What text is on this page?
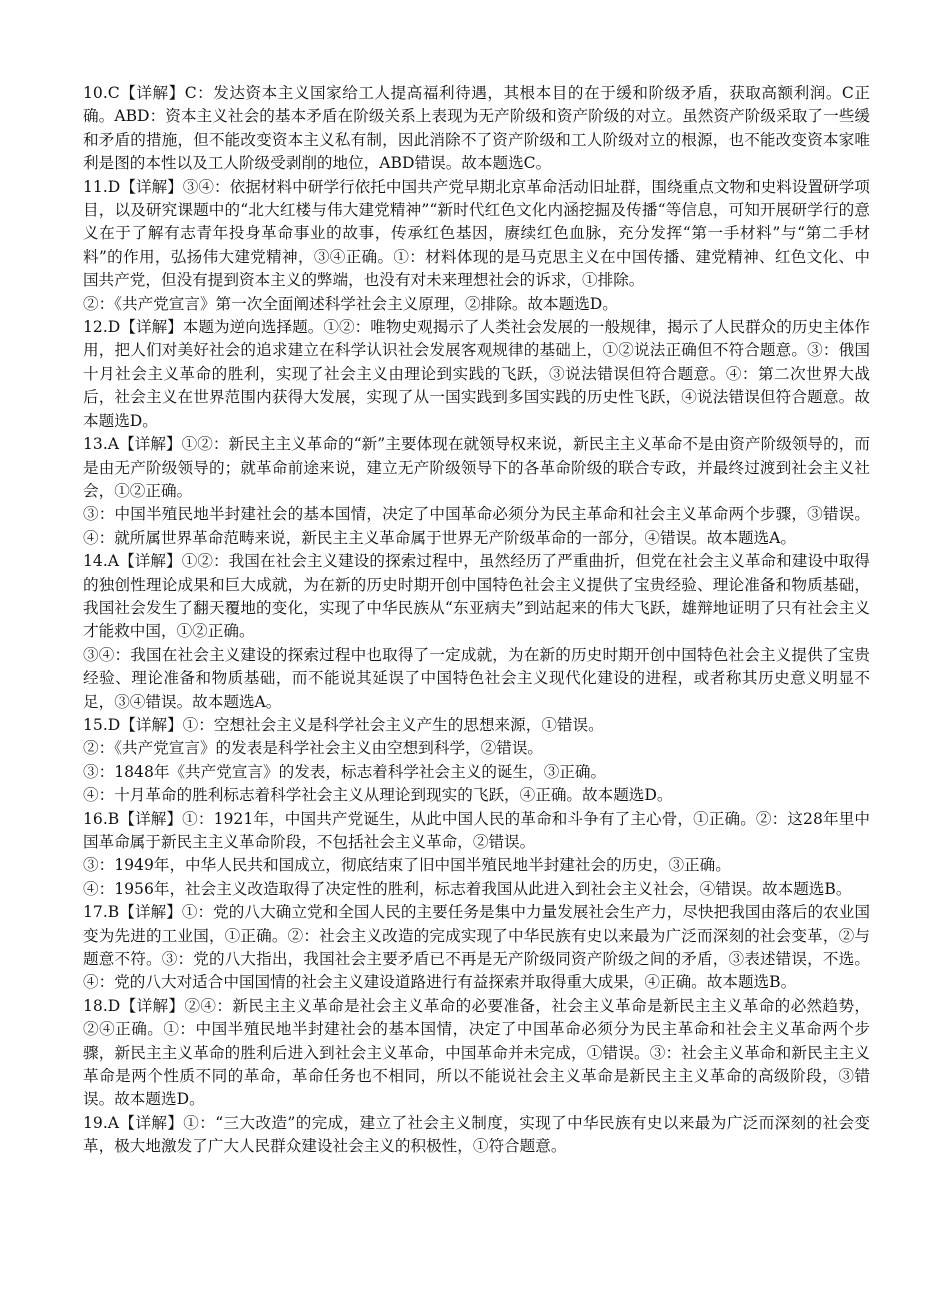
10.C【详解】C：发达资本主义国家给工人提高福利待遇，其根本目的在于缓和阶级矛盾，获取高额利润。C正确。ABD：资本主义社会的基本矛盾在阶级关系上表现为无产阶级和资产阶级的对立。虽然资产阶级采取了一些缓和矛盾的措施，但不能改变资本主义私有制，因此消除不了资产阶级和工人阶级对立的根源，也不能改变资本家唯利是图的本性以及工人阶级受剥削的地位，ABD错误。故本题选C。

11.D【详解】③④：依据材料中研学行依托中国共产党早期北京革命活动旧址群，围绕重点文物和史料设置研学项目，以及研究课题中的“北大红楼与伟大建党精神”“新时代红色文化内涵挖掘及传播“等信息，可知开展研学行的意义在于了解有志青年投身革命事业的故事，传承红色基因，赓续红色血脉，充分发挥“第一手材料”与“第二手材料”的作用，弘扬伟大建党精神，③④正确。①：材料体现的是马克思主义在中国传播、建党精神、红色文化、中国共产党，但没有提到资本主义的弊端，也没有对未来理想社会的诉求，①排除。

②：《共产党宣言》第一次全面阐述科学社会主义原理，②排除。故本题选D。

12.D【详解】本题为逆向选择题。①②：唯物史观揭示了人类社会发展的一般规律，揭示了人民群众的历史主体作用，把人们对美好社会的追求建立在科学认识社会发展客观规律的基础上，①②说法正确但不符合题意。③：俄国十月社会主义革命的胜利，实现了社会主义由理论到实践的飞跃，③说法错误但符合题意。④：第二次世界大战后，社会主义在世界范围内获得大发展，实现了从一国实践到多国实践的历史性飞跃，④说法错误但符合题意。故本题选D。

13.A【详解】①②：新民主主义革命的“新”主要体现在就领导权来说，新民主主义革命不是由资产阶级领导的，而是由无产阶级领导的；就革命前途来说，建立无产阶级领导下的各革命阶级的联合专政，并最终过渡到社会主义社会，①②正确。

③：中国半殖民地半封建社会的基本国情，决定了中国革命必须分为民主革命和社会主义革命两个步骤，③错误。④：就所属世界革命范畴来说，新民主主义革命属于世界无产阶级革命的一部分，④错误。故本题选A。

14.A【详解】①②：我国在社会主义建设的探索过程中，虽然经历了严重曲折，但党在社会主义革命和建设中取得的独创性理论成果和巨大成就，为在新的历史时期开创中国特色社会主义提供了宝贵经验、理论准备和物质基础，我国社会发生了翻天覆地的变化，实现了中华民族从“东亚病夫”到站起来的伟大飞跃，雄辩地证明了只有社会主义才能救中国，①②正确。

③④：我国在社会主义建设的探索过程中也取得了一定成就，为在新的历史时期开创中国特色社会主义提供了宝贵经验、理论准备和物质基础，而不能说其延误了中国特色社会主义现代化建设的进程，或者称其历史意义明显不足，③④错误。故本题选A。

15.D【详解】①：空想社会主义是科学社会主义产生的思想来源，①错误。

②：《共产党宣言》的发表是科学社会主义由空想到科学，②错误。

③：1848年《共产党宣言》的发表，标志着科学社会主义的诞生，③正确。

④：十月革命的胜利标志着科学社会主义从理论到现实的飞跃，④正确。故本题选D。

16.B【详解】①：1921年，中国共产党诞生，从此中国人民的革命和斗争有了主心骨，①正确。②：这28年里中国革命属于新民主主义革命阶段，不包括社会主义革命，②错误。

③：1949年，中华人民共和国成立，彻底结束了旧中国半殖民地半封建社会的历史，③正确。

④：1956年，社会主义改造取得了决定性的胜利，标志着我国从此进入到社会主义社会，④错误。故本题选B。

17.B【详解】①：党的八大确立党和全国人民的主要任务是集中力量发展社会生产力，尽快把我国由落后的农业国变为先进的工业国，①正确。②：社会主义改造的完成实现了中华民族有史以来最为广泛而深刻的社会变革，②与题意不符。③：党的八大指出，我国社会主要矛盾已不再是无产阶级同资产阶级之间的矛盾，③表述错误，不选。④：党的八大对适合中国国情的社会主义建设道路进行有益探索并取得重大成果，④正确。故本题选B。

18.D【详解】②④：新民主主义革命是社会主义革命的必要准备，社会主义革命是新民主主义革命的必然趋势，②④正确。①：中国半殖民地半封建社会的基本国情，决定了中国革命必须分为民主革命和社会主义革命两个步骤，新民主主义革命的胜利后进入到社会主义革命，中国革命并未完成，①错误。③：社会主义革命和新民主主义革命是两个性质不同的革命，革命任务也不相同，所以不能说社会主义革命是新民主主义革命的高级阶段，③错误。故本题选D。

19.A【详解】①：“三大改造”的完成，建立了社会主义制度，实现了中华民族有史以来最为广泛而深刻的社会变革，极大地激发了广大人民群众建设社会主义的积极性，①符合题意。
